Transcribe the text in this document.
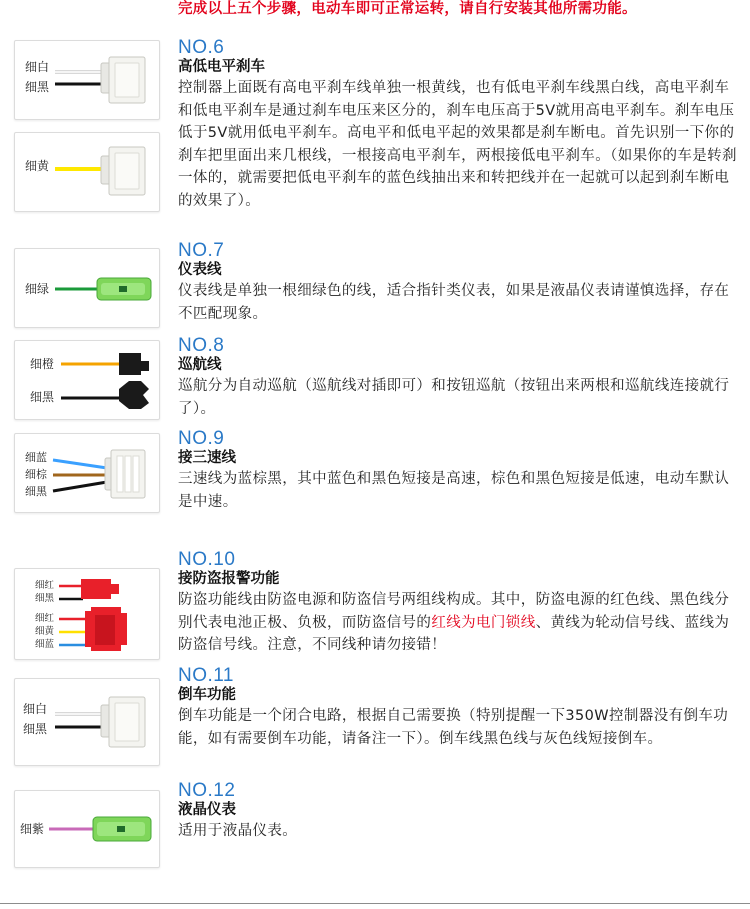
完成以上五个步骤，电动车即可正常运转，请自行安装其他所需功能。
细白
细黑
细黄
细绿
细橙
细黑
细蓝
细棕
细黑
细红
细黑
细红
细黄
细蓝
细白
细黑
细紫

NO.6

高低电平刹车

控制器上面既有高电平刹车线单独一根黄线，也有低电平刹车线黑白线，高电平刹车和低电平刹车是通过刹车电压来区分的，刹车电压高于5V就用高电平刹车。刹车电压低于5V就用低电平刹车。高电平和低电平起的效果都是刹车断电。首先识别一下你的刹车把里面出来几根线，一根接高电平刹车，两根接低电平刹车。（如果你的车是转刹一体的，就需要把低电平刹车的蓝色线抽出来和转把线并在一起就可以起到刹车断电的效果了）。

NO.7

仪表线

仪表线是单独一根细绿色的线，适合指针类仪表，如果是液晶仪表请谨慎选择，存在不匹配现象。

NO.8

巡航线

巡航分为自动巡航（巡航线对插即可）和按钮巡航（按钮出来两根和巡航线连接就行了）。

NO.9

接三速线

三速线为蓝棕黑，其中蓝色和黑色短接是高速，棕色和黑色短接是低速，电动车默认是中速。

NO.10

接防盗报警功能

防盗功能线由防盗电源和防盗信号两组线构成。其中，防盗电源的红色线、黑色线分别代表电池正极、负极，而防盗信号的红线为电门锁线、黄线为轮动信号线、蓝线为防盗信号线。注意，不同线种请勿接错！

NO.11

倒车功能

倒车功能是一个闭合电路，根据自己需要换（特别提醒一下350W控制器没有倒车功能，如有需要倒车功能，请备注一下）。倒车线黑色线与灰色线短接倒车。

NO.12

液晶仪表

适用于液晶仪表。
